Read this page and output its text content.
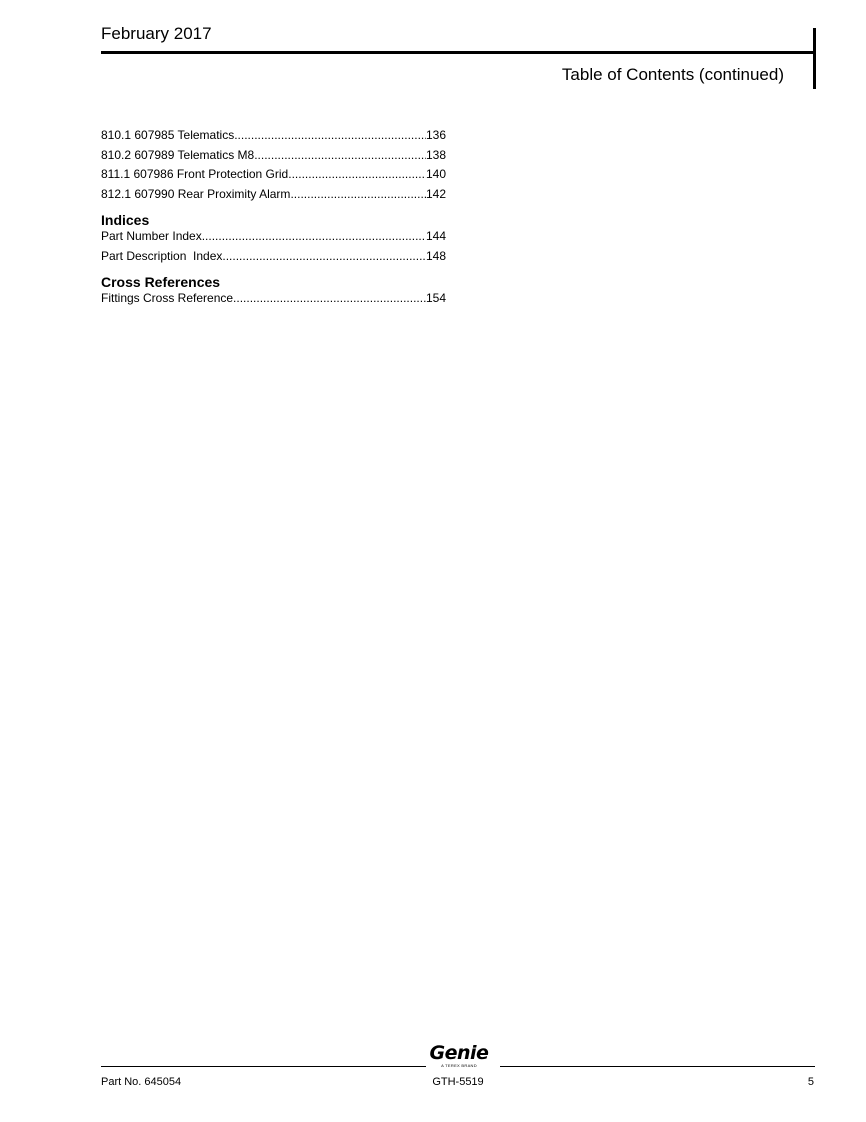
February 2017
Table of Contents (continued)
810.1 607985 Telematics .....	136
810.2 607989 Telematics M8 .....	138
811.1 607986 Front Protection Grid .....	140
812.1 607990 Rear Proximity Alarm .....	142
Indices
Part Number Index .....	144
Part Description  Index .....	148
Cross References
Fittings Cross Reference .....	154
Genie
A TEREX BRAND
Part No. 645054	GTH-5519	5
